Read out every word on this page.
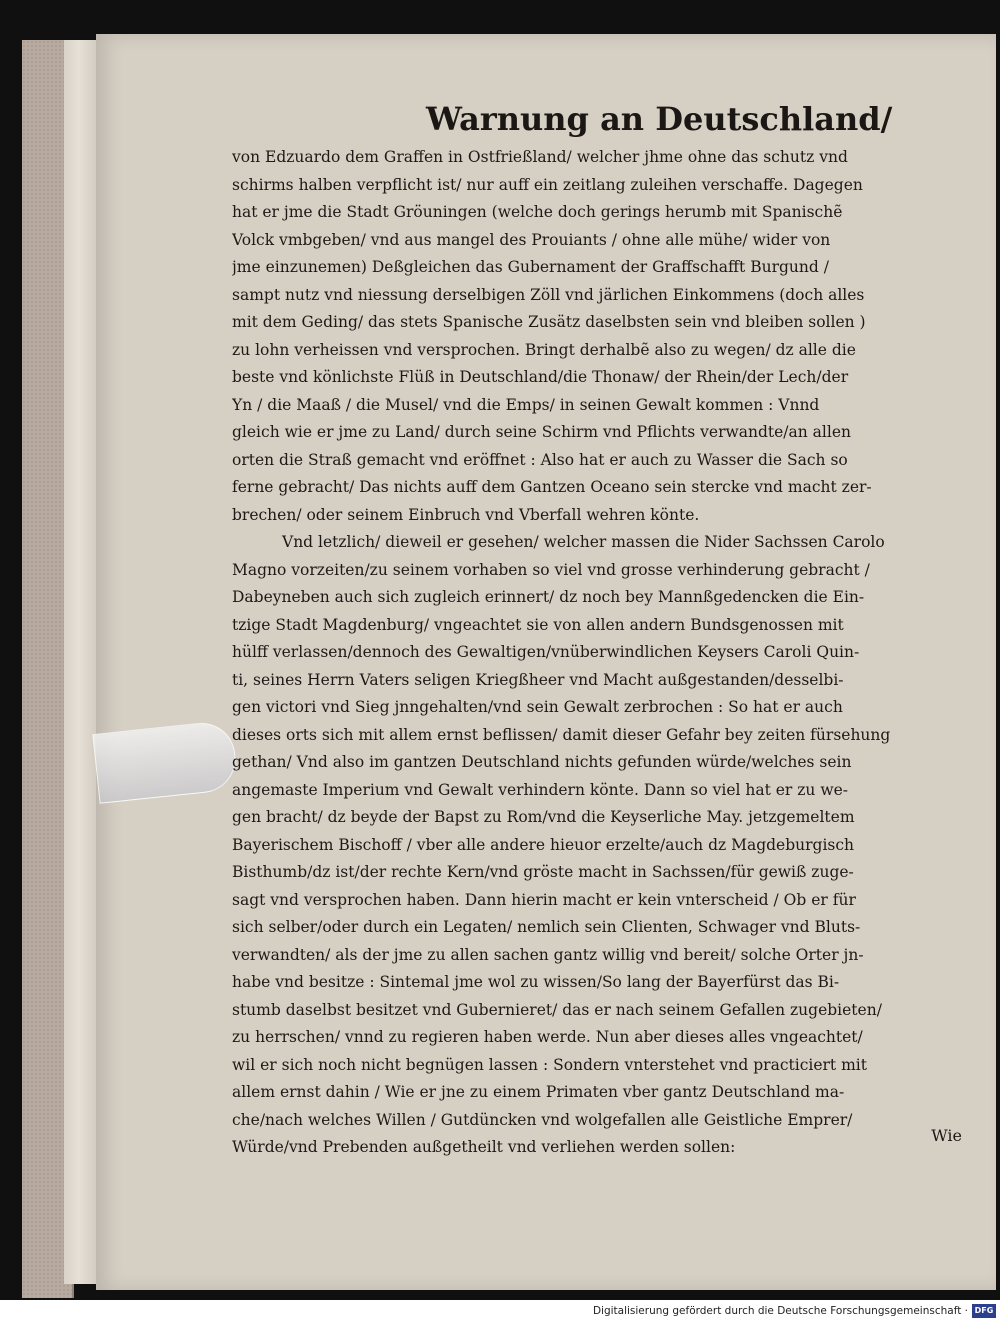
Warnung an Deutschland/
von Edzuardo dem Graffen in Ostfrießland/ welcher jhme ohne das schutz vnd
schirms halben verpflicht ist/ nur auff ein zeitlang zuleihen verschaffe. Dagegen
hat er jme die Stadt Gröuningen (welche doch gerings herumb mit Spanischẽ
Volck vmbgeben/ vnd aus mangel des Prouiants / ohne alle mühe/ wider von
jme einzunemen) Deßgleichen das Gubernament der Graffschafft Burgund /
sampt nutz vnd niessung derselbigen Zöll vnd järlichen Einkommens (doch alles
mit dem Geding/ das stets Spanische Zusätz daselbsten sein vnd bleiben sollen )
zu lohn verheissen vnd versprochen. Bringt derhalbẽ also zu wegen/ dz alle die
beste vnd könlichste Flüß in Deutschland/die Thonaw/ der Rhein/der Lech/der
Yn / die Maaß / die Musel/ vnd die Emps/ in seinen Gewalt kommen : Vnnd
gleich wie er jme zu Land/ durch seine Schirm vnd Pflichts verwandte/an allen
orten die Straß gemacht vnd eröffnet : Also hat er auch zu Wasser die Sach so
ferne gebracht/ Das nichts auff dem Gantzen Oceano sein stercke vnd macht zer-
brechen/ oder seinem Einbruch vnd Vberfall wehren könte.
Vnd letzlich/ dieweil er gesehen/ welcher massen die Nider Sachssen Carolo
Magno vorzeiten/zu seinem vorhaben so viel vnd grosse verhinderung gebracht /
Dabeyneben auch sich zugleich erinnert/ dz noch bey Mannßgedencken die Ein-
tzige Stadt Magdenburg/ vngeachtet sie von allen andern Bundsgenossen mit
hülff verlassen/dennoch des Gewaltigen/vnüberwindlichen Keysers Caroli Quin-
ti, seines Herrn Vaters seligen Kriegßheer vnd Macht außgestanden/desselbi-
gen victori vnd Sieg jnngehalten/vnd sein Gewalt zerbrochen : So hat er auch
dieses orts sich mit allem ernst beflissen/ damit dieser Gefahr bey zeiten fürsehung
gethan/ Vnd also im gantzen Deutschland nichts gefunden würde/welches sein
angemaste Imperium vnd Gewalt verhindern könte. Dann so viel hat er zu we-
gen bracht/ dz beyde der Bapst zu Rom/vnd die Keyserliche May. jetzgemeltem
Bayerischem Bischoff / vber alle andere hieuor erzelte/auch dz Magdeburgisch
Bisthumb/dz ist/der rechte Kern/vnd gröste macht in Sachssen/für gewiß zuge-
sagt vnd versprochen haben. Dann hierin macht er kein vnterscheid / Ob er für
sich selber/oder durch ein Legaten/ nemlich sein Clienten, Schwager vnd Bluts-
verwandten/ als der jme zu allen sachen gantz willig vnd bereit/ solche Orter jn-
habe vnd besitze : Sintemal jme wol zu wissen/So lang der Bayerfürst das Bi-
stumb daselbst besitzet vnd Gubernieret/ das er nach seinem Gefallen zugebieten/
zu herrschen/ vnnd zu regieren haben werde. Nun aber dieses alles vngeachtet/
wil er sich noch nicht begnügen lassen : Sondern vnterstehet vnd practiciert mit
allem ernst dahin / Wie er jne zu einem Primaten vber gantz Deutschland ma-
che/nach welches Willen / Gutdüncken vnd wolgefallen alle Geistliche Emprer/
Würde/vnd Prebenden außgetheilt vnd verliehen werden sollen:
Wie
Digitalisierung gefördert durch die Deutsche Forschungsgemeinschaft · DFG
